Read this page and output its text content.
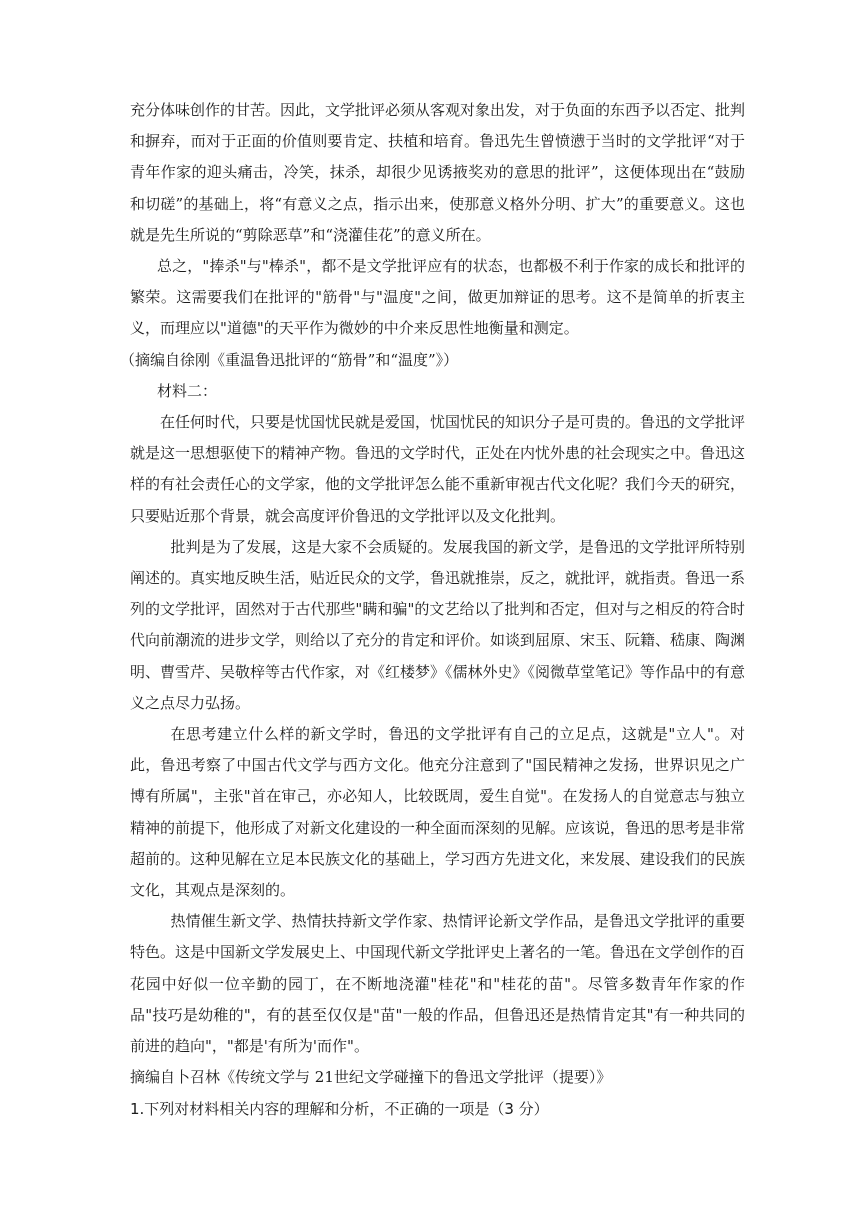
充分体味创作的甘苦。因此，文学批评必须从客观对象出发，对于负面的东西予以否定、批判和摒弃，而对于正面的价值则要肯定、扶植和培育。鲁迅先生曾愤懑于当时的文学批评“对于青年作家的迎头痛击，冷笑，抹杀，却很少见诱掖奖劝的意思的批评”，这便体现出在“鼓励和切磋”的基础上，将“有意义之点，指示出来，使那意义格外分明、扩大”的重要意义。这也就是先生所说的“剪除恶草”和“浇灌佳花”的意义所在。

总之，"捧杀"与"棒杀"，都不是文学批评应有的状态，也都极不利于作家的成长和批评的繁荣。这需要我们在批评的"筋骨"与"温度"之间，做更加辩证的思考。这不是简单的折衷主义，而理应以"道德"的天平作为微妙的中介来反思性地衡量和测定。

（摘编自徐刚《重温鲁迅批评的“筋骨”和“温度”》）

材料二：

在任何时代，只要是忧国忧民就是爱国，忧国忧民的知识分子是可贵的。鲁迅的文学批评就是这一思想驱使下的精神产物。鲁迅的文学时代，正处在内忧外患的社会现实之中。鲁迅这样的有社会责任心的文学家，他的文学批评怎么能不重新审视古代文化呢？我们今天的研究，只要贴近那个背景，就会高度评价鲁迅的文学批评以及文化批判。

批判是为了发展，这是大家不会质疑的。发展我国的新文学，是鲁迅的文学批评所特别阐述的。真实地反映生活，贴近民众的文学，鲁迅就推崇，反之，就批评，就指责。鲁迅一系列的文学批评，固然对于古代那些"瞒和骗"的文艺给以了批判和否定，但对与之相反的符合时代向前潮流的进步文学，则给以了充分的肯定和评价。如谈到屈原、宋玉、阮籍、嵇康、陶渊明、曹雪芹、吴敬梓等古代作家，对《红楼梦》《儒林外史》《阅微草堂笔记》等作品中的有意义之点尽力弘扬。

在思考建立什么样的新文学时，鲁迅的文学批评有自己的立足点，这就是"立人"。对此，鲁迅考察了中国古代文学与西方文化。他充分注意到了"国民精神之发扬，世界识见之广博有所属"，主张"首在审己，亦必知人，比较既周，爱生自觉"。在发扬人的自觉意志与独立精神的前提下，他形成了对新文化建设的一种全面而深刻的见解。应该说，鲁迅的思考是非常超前的。这种见解在立足本民族文化的基础上，学习西方先进文化，来发展、建设我们的民族文化，其观点是深刻的。

热情催生新文学、热情扶持新文学作家、热情评论新文学作品，是鲁迅文学批评的重要特色。这是中国新文学发展史上、中国现代新文学批评史上著名的一笔。鲁迅在文学创作的百花园中好似一位辛勤的园丁，在不断地浇灌"桂花"和"桂花的苗"。尽管多数青年作家的作品"技巧是幼稚的"，有的甚至仅仅是"苗"一般的作品，但鲁迅还是热情肯定其"有一种共同的前进的趋向"，"都是'有所为'而作"。

摘编自卜召林《传统文学与 21世纪文学碰撞下的鲁迅文学批评（提要）》

1.下列对材料相关内容的理解和分析，不正确的一项是（3 分）
